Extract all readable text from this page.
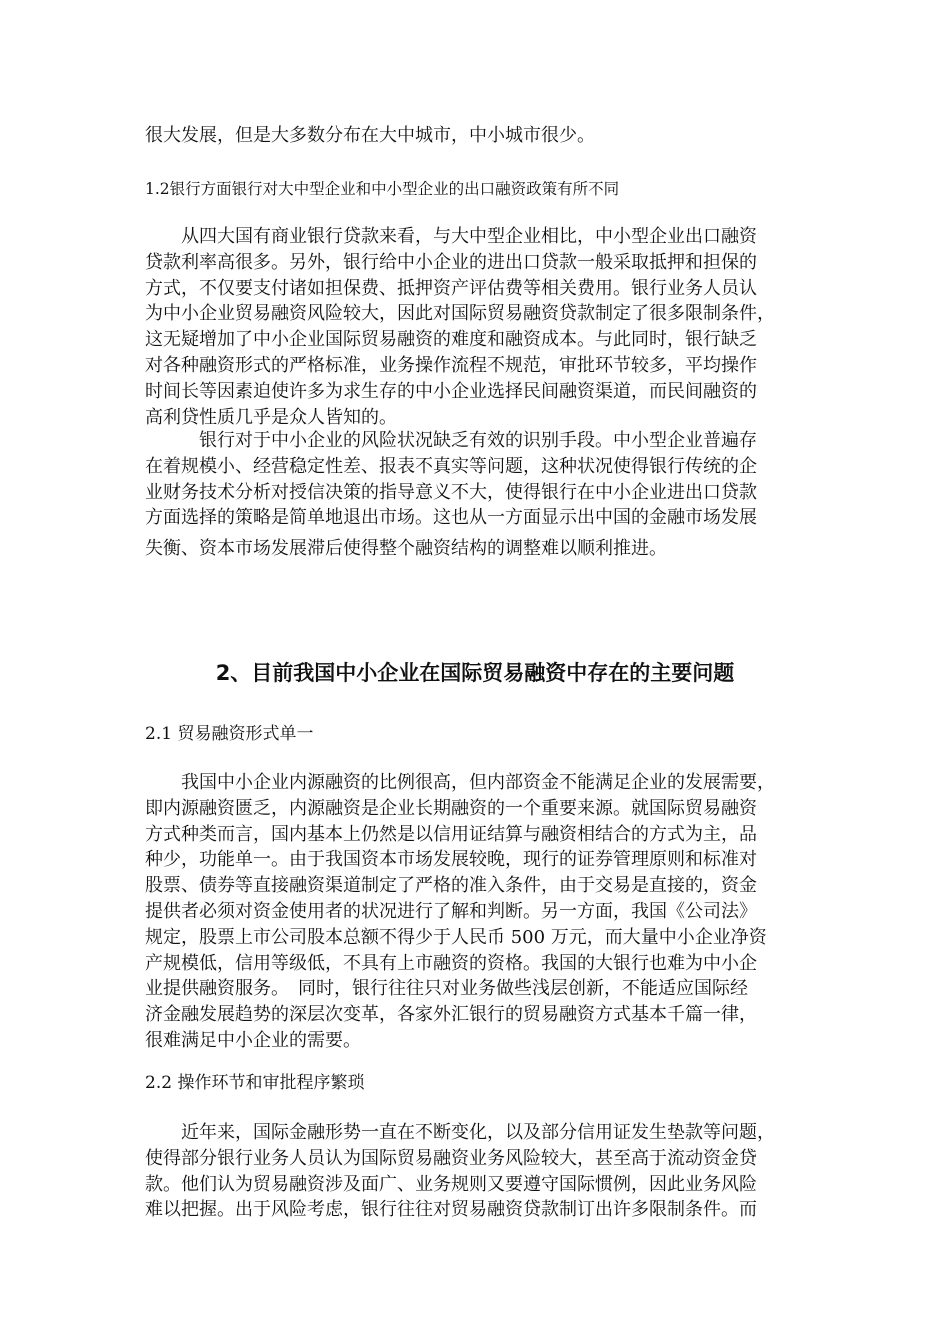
很大发展，但是大多数分布在大中城市，中小城市很少。

1.2银行方面银行对大中型企业和中小型企业的出口融资政策有所不同

　　从四大国有商业银行贷款来看，与大中型企业相比，中小型企业出口融资
贷款利率高很多。另外，银行给中小企业的进出口贷款一般采取抵押和担保的
方式，不仅要支付诸如担保费、抵押资产评估费等相关费用。银行业务人员认
为中小企业贸易融资风险较大，因此对国际贸易融资贷款制定了很多限制条件，
这无疑增加了中小企业国际贸易融资的难度和融资成本。与此同时，银行缺乏
对各种融资形式的严格标准，业务操作流程不规范，审批环节较多，平均操作
时间长等因素迫使许多为求生存的中小企业选择民间融资渠道，而民间融资的
高利贷性质几乎是众人皆知的。
　　　银行对于中小企业的风险状况缺乏有效的识别手段。中小型企业普遍存
在着规模小、经营稳定性差、报表不真实等问题，这种状况使得银行传统的企
业财务技术分析对授信决策的指导意义不大，使得银行在中小企业进出口贷款
方面选择的策略是简单地退出市场。这也从一方面显示出中国的金融市场发展

失衡、资本市场发展滞后使得整个融资结构的调整难以顺利推进。

2、目前我国中小企业在国际贸易融资中存在的主要问题

2.1 贸易融资形式单一

　　我国中小企业内源融资的比例很高，但内部资金不能满足企业的发展需要，
即内源融资匮乏，内源融资是企业长期融资的一个重要来源。就国际贸易融资
方式种类而言，国内基本上仍然是以信用证结算与融资相结合的方式为主，品
种少，功能单一。由于我国资本市场发展较晚，现行的证券管理原则和标准对
股票、债券等直接融资渠道制定了严格的准入条件，由于交易是直接的，资金
提供者必须对资金使用者的状况进行了解和判断。另一方面，我国《公司法》
规定，股票上市公司股本总额不得少于人民币 500 万元，而大量中小企业净资
产规模低，信用等级低，不具有上市融资的资格。我国的大银行也难为中小企
业提供融资服务。　同时，银行往往只对业务做些浅层创新，不能适应国际经
济金融发展趋势的深层次变革，各家外汇银行的贸易融资方式基本千篇一律，
很难满足中小企业的需要。

2.2 操作环节和审批程序繁琐

　　近年来，国际金融形势一直在不断变化，以及部分信用证发生垫款等问题，
使得部分银行业务人员认为国际贸易融资业务风险较大，甚至高于流动资金贷
款。他们认为贸易融资涉及面广、业务规则又要遵守国际惯例，因此业务风险
难以把握。出于风险考虑，银行往往对贸易融资贷款制订出许多限制条件。而
